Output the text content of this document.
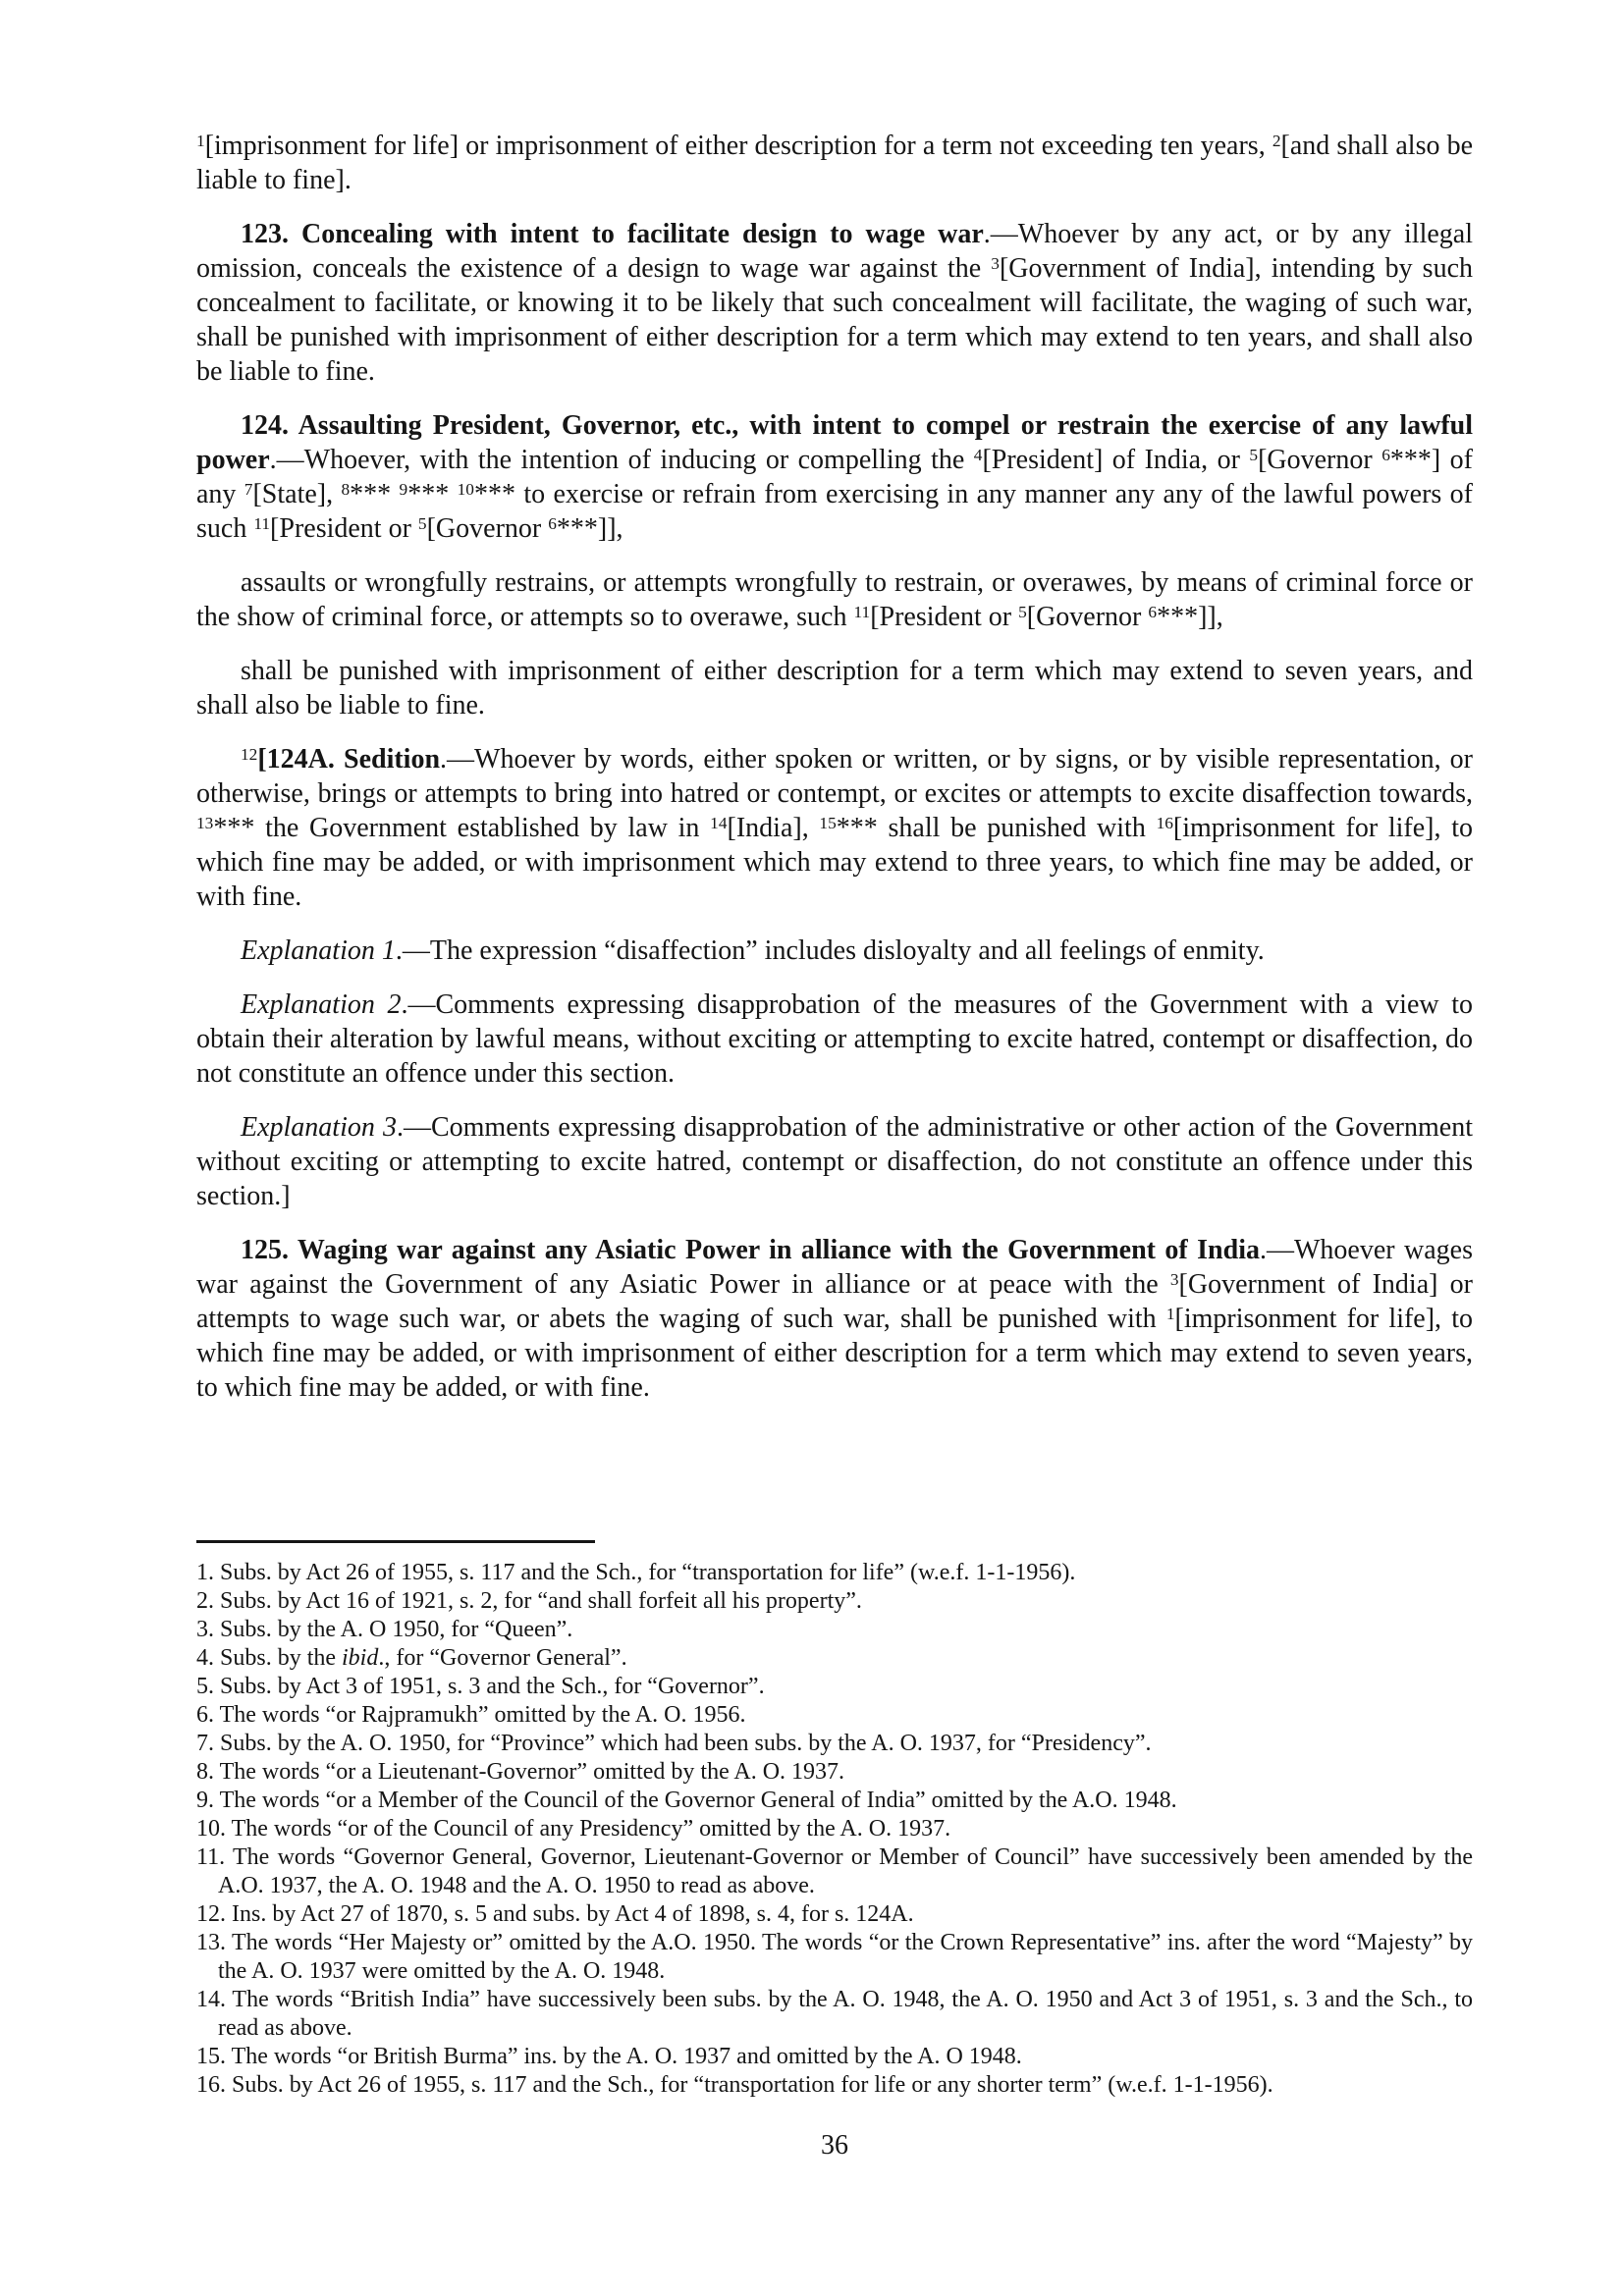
$^1$[imprisonment for life] or imprisonment of either description for a term not exceeding ten years, $^2$[and shall also be liable to fine].

123. Concealing with intent to facilitate design to wage war.—Whoever by any act, or by any illegal omission, conceals the existence of a design to wage war against the $^3$[Government of India], intending by such concealment to facilitate, or knowing it to be likely that such concealment will facilitate, the waging of such war, shall be punished with imprisonment of either description for a term which may extend to ten years, and shall also be liable to fine.

124. Assaulting President, Governor, etc., with intent to compel or restrain the exercise of any lawful power.—Whoever, with the intention of inducing or compelling the $^4$[President] of India, or $^5$[Governor $^6$***] of any $^7$[State], $^8$*** $^9$*** $^{10}$*** to exercise or refrain from exercising in any manner any any of the lawful powers of such $^{11}$[President or $^5$[Governor $^6$***]],

assaults or wrongfully restrains, or attempts wrongfully to restrain, or overawes, by means of criminal force or the show of criminal force, or attempts so to overawe, such $^{11}$[President or $^5$[Governor $^6$***]],

shall be punished with imprisonment of either description for a term which may extend to seven years, and shall also be liable to fine.

$^{12}$[124A. Sedition.—Whoever by words, either spoken or written, or by signs, or by visible representation, or otherwise, brings or attempts to bring into hatred or contempt, or excites or attempts to excite disaffection towards, $^{13}$*** the Government established by law in $^{14}$[India], $^{15}$*** shall be punished with $^{16}$[imprisonment for life], to which fine may be added, or with imprisonment which may extend to three years, to which fine may be added, or with fine.

Explanation 1.—The expression “disaffection” includes disloyalty and all feelings of enmity.

Explanation 2.—Comments expressing disapprobation of the measures of the Government with a view to obtain their alteration by lawful means, without exciting or attempting to excite hatred, contempt or disaffection, do not constitute an offence under this section.

Explanation 3.—Comments expressing disapprobation of the administrative or other action of the Government without exciting or attempting to excite hatred, contempt or disaffection, do not constitute an offence under this section.]

125. Waging war against any Asiatic Power in alliance with the Government of India.—Whoever wages war against the Government of any Asiatic Power in alliance or at peace with the $^3$[Government of India] or attempts to wage such war, or abets the waging of such war, shall be punished with $^1$[imprisonment for life], to which fine may be added, or with imprisonment of either description for a term which may extend to seven years, to which fine may be added, or with fine.

1. Subs. by Act 26 of 1955, s. 117 and the Sch., for “transportation for life” (w.e.f. 1-1-1956).
2. Subs. by Act 16 of 1921, s. 2, for “and shall forfeit all his property”.
3. Subs. by the A. O 1950, for “Queen”.
4. Subs. by the ibid., for “Governor General”.
5. Subs. by Act 3 of 1951, s. 3 and the Sch., for “Governor”.
6. The words “or Rajpramukh” omitted by the A. O. 1956.
7. Subs. by the A. O. 1950, for “Province” which had been subs. by the A. O. 1937, for “Presidency”.
8. The words “or a Lieutenant-Governor” omitted by the A. O. 1937.
9. The words “or a Member of the Council of the Governor General of India” omitted by the A.O. 1948.
10. The words “or of the Council of any Presidency” omitted by the A. O. 1937.
11. The words “Governor General, Governor, Lieutenant-Governor or Member of Council” have successively been amended by the A.O. 1937, the A. O. 1948 and the A. O. 1950 to read as above.
12. Ins. by Act 27 of 1870, s. 5 and subs. by Act 4 of 1898, s. 4, for s. 124A.
13. The words “Her Majesty or” omitted by the A.O. 1950. The words “or the Crown Representative” ins. after the word “Majesty” by the A. O. 1937 were omitted by the A. O. 1948.
14. The words “British India” have successively been subs. by the A. O. 1948, the A. O. 1950 and Act 3 of 1951, s. 3 and the Sch., to read as above.
15. The words “or British Burma” ins. by the A. O. 1937 and omitted by the A. O 1948.
16. Subs. by Act 26 of 1955, s. 117 and the Sch., for “transportation for life or any shorter term” (w.e.f. 1-1-1956).
36
